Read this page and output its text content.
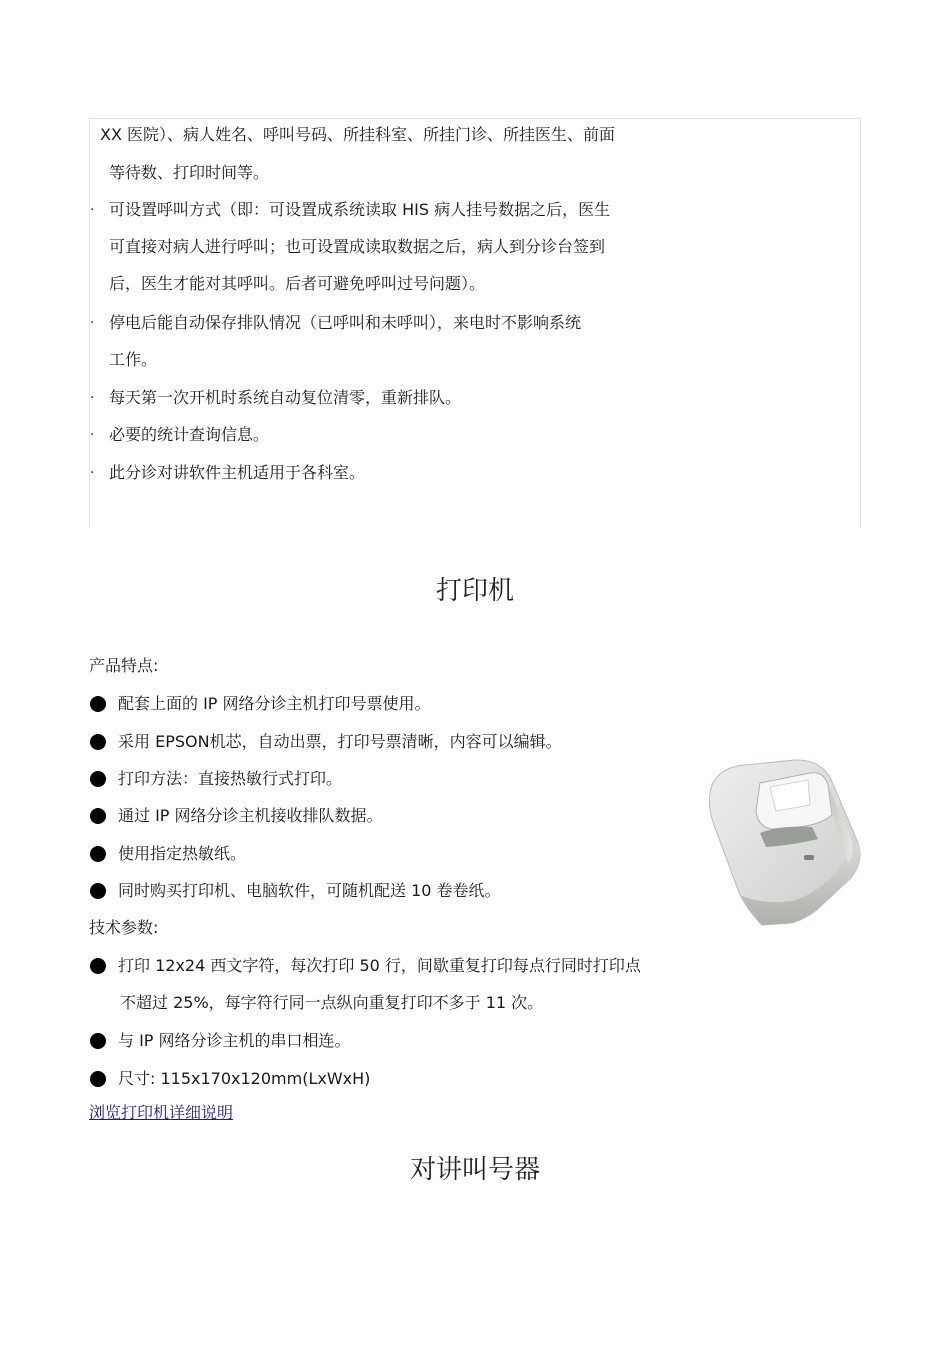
XX 医院）、病人姓名、呼叫号码、所挂科室、所挂门诊、所挂医生、前面
等待数、打印时间等。
· 可设置呼叫方式（即：可设置成系统读取 HIS 病人挂号数据之后，医生
可直接对病人进行呼叫；也可设置成读取数据之后，病人到分诊台签到
后，医生才能对其呼叫。后者可避免呼叫过号问题）。
· 停电后能自动保存排队情况（已呼叫和未呼叫），来电时不影响系统
工作。
· 每天第一次开机时系统自动复位清零，重新排队。
· 必要的统计查询信息。
· 此分诊对讲软件主机适用于各科室。
打印机
产品特点:
配套上面的 IP 网络分诊主机打印号票使用。
采用 EPSON机芯，自动出票，打印号票清晰，内容可以编辑。
打印方法：直接热敏行式打印。
通过 IP 网络分诊主机接收排队数据。
使用指定热敏纸。
同时购买打印机、电脑软件，可随机配送 10 卷卷纸。
技术参数:
打印 12x24 西文字符，每次打印 50 行，间歇重复打印每点行同时打印点
不超过 25%，每字符行同一点纵向重复打印不多于 11 次。
与 IP 网络分诊主机的串口相连。
尺寸: 115x170x120mm(LxWxH)
浏览打印机详细说明
对讲叫号器
